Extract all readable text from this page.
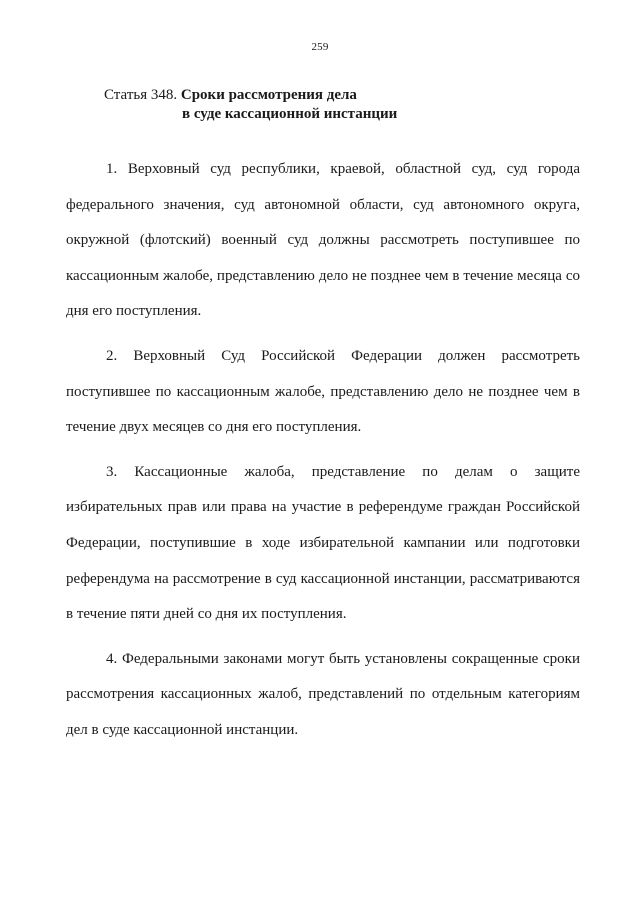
259
Статья 348. Сроки рассмотрения дела
в суде кассационной инстанции

1. Верховный суд республики, краевой, областной суд, суд города федерального значения, суд автономной области, суд автономного округа, окружной (флотский) военный суд должны рассмотреть поступившее по кассационным жалобе, представлению дело не позднее чем в течение месяца со дня его поступления.

2. Верховный Суд Российской Федерации должен рассмотреть поступившее по кассационным жалобе, представлению дело не позднее чем в течение двух месяцев со дня его поступления.

3. Кассационные жалоба, представление по делам о защите избирательных прав или права на участие в референдуме граждан Российской Федерации, поступившие в ходе избирательной кампании или подготовки референдума на рассмотрение в суд кассационной инстанции, рассматриваются в течение пяти дней со дня их поступления.

4. Федеральными законами могут быть установлены сокращенные сроки рассмотрения кассационных жалоб, представлений по отдельным категориям дел в суде кассационной инстанции.
